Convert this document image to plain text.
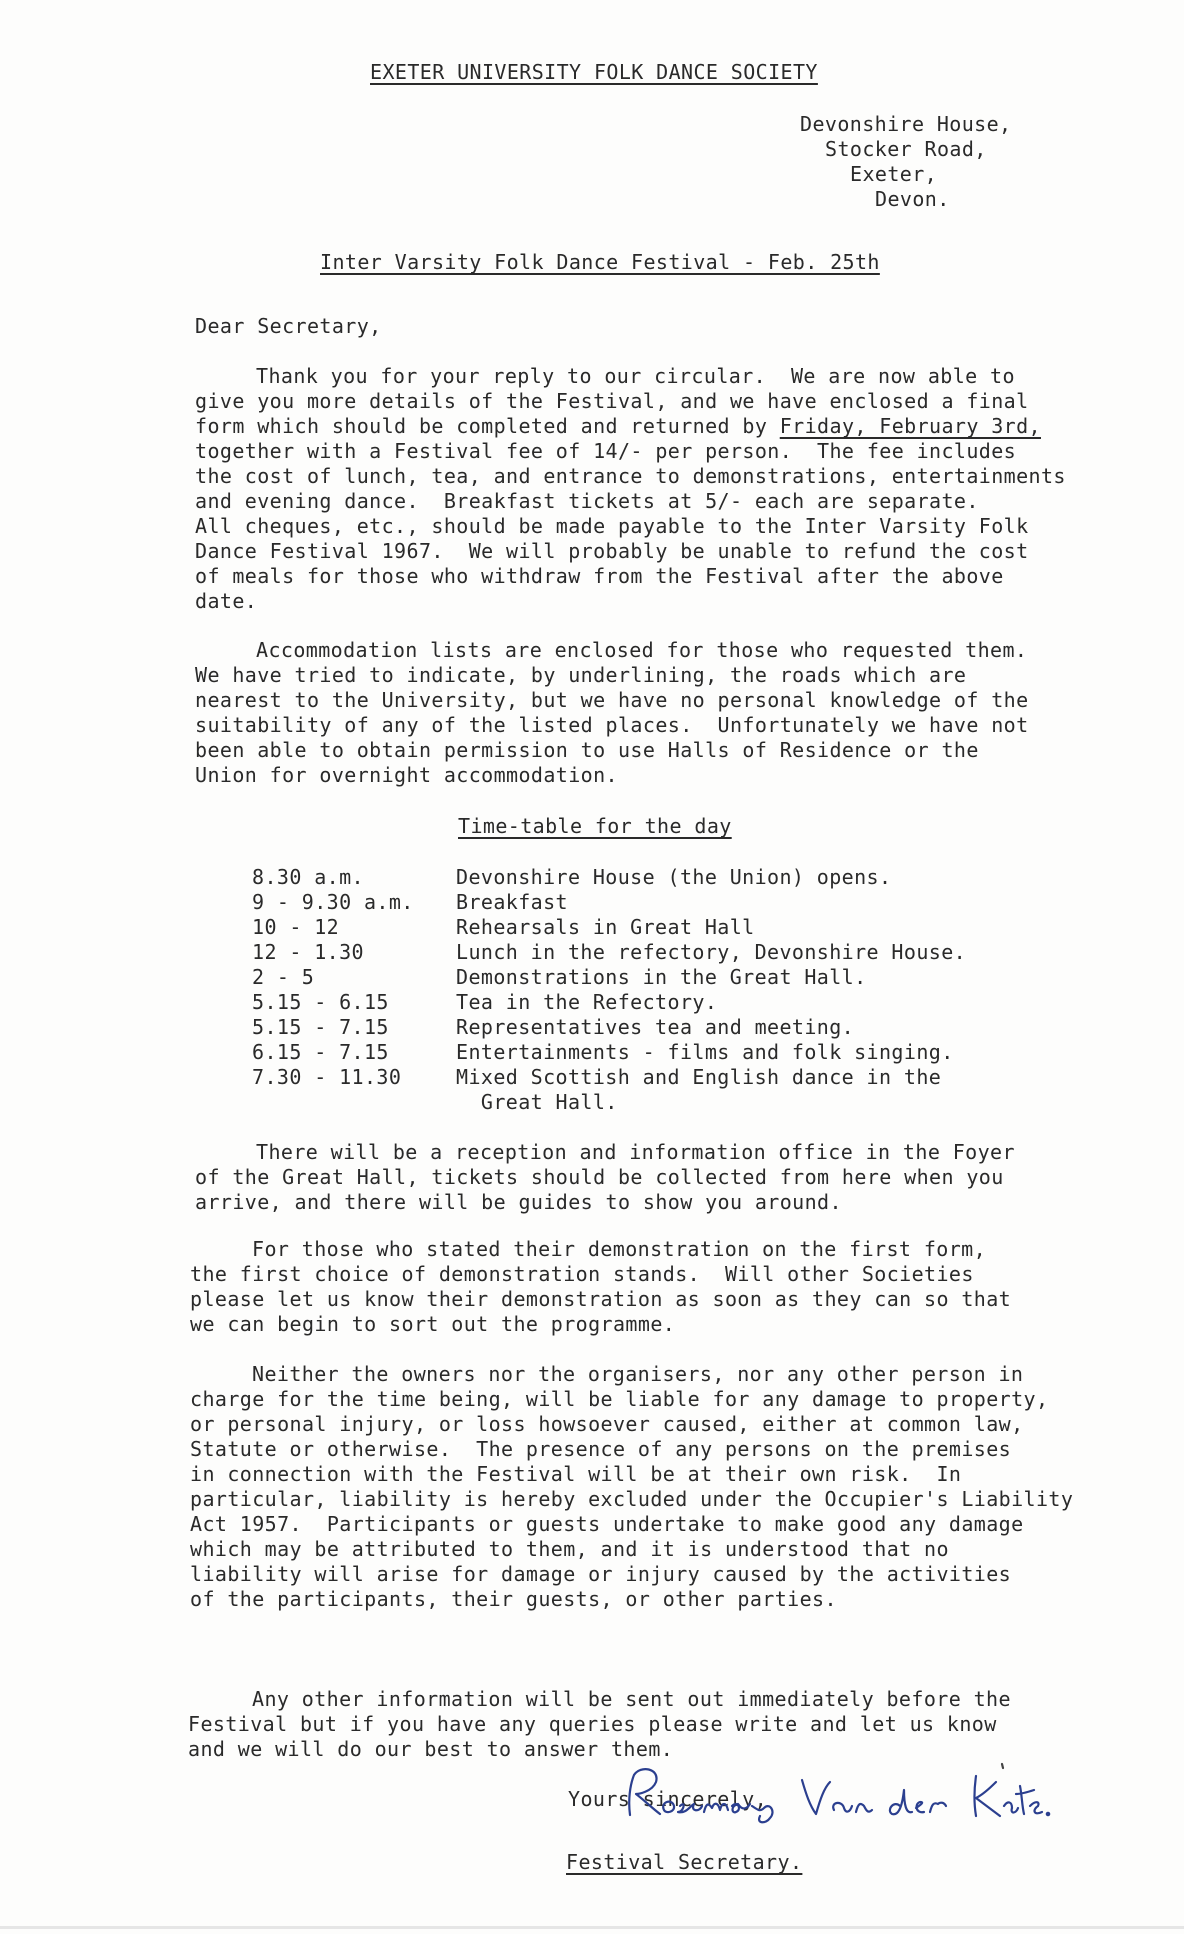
EXETER UNIVERSITY FOLK DANCE SOCIETY
Devonshire House,
Stocker Road,
Exeter,
Devon.
Inter Varsity Folk Dance Festival - Feb. 25th
Dear Secretary,
Thank you for your reply to our circular.  We are now able to
give you more details of the Festival, and we have enclosed a final
form which should be completed and returned by Friday, February 3rd,
together with a Festival fee of 14/- per person.  The fee includes
the cost of lunch, tea, and entrance to demonstrations, entertainments
and evening dance.  Breakfast tickets at 5/- each are separate.
All cheques, etc., should be made payable to the Inter Varsity Folk
Dance Festival 1967.  We will probably be unable to refund the cost
of meals for those who withdraw from the Festival after the above
date.
Accommodation lists are enclosed for those who requested them.
We have tried to indicate, by underlining, the roads which are
nearest to the University, but we have no personal knowledge of the
suitability of any of the listed places.  Unfortunately we have not
been able to obtain permission to use Halls of Residence or the
Union for overnight accommodation.
Time-table for the day
8.30 a.m.	Devonshire House (the Union) opens.
9 - 9.30 a.m. Breakfast
10 - 12	Rehearsals in Great Hall
12 - 1.30	Lunch in the refectory, Devonshire House.
2 - 5	Demonstrations in the Great Hall.
5.15 - 6.15	Tea in the Refectory.
5.15 - 7.15	Representatives tea and meeting.
6.15 - 7.15	Entertainments - films and folk singing.
7.30 - 11.30	Mixed Scottish and English dance in the
Great Hall.
There will be a reception and information office in the Foyer
of the Great Hall, tickets should be collected from here when you
arrive, and there will be guides to show you around.
For those who stated their demonstration on the first form,
the first choice of demonstration stands.  Will other Societies
please let us know their demonstration as soon as they can so that
we can begin to sort out the programme.
Neither the owners nor the organisers, nor any other person in
charge for the time being, will be liable for any damage to property,
or personal injury, or loss howsoever caused, either at common law,
Statute or otherwise.  The presence of any persons on the premises
in connection with the Festival will be at their own risk.  In
particular, liability is hereby excluded under the Occupier's Liability
Act 1957.  Participants or guests undertake to make good any damage
which may be attributed to them, and it is understood that no
liability will arise for damage or injury caused by the activities
of the participants, their guests, or other parties.
Any other information will be sent out immediately before the
Festival but if you have any queries please write and let us know
and we will do our best to answer them.
Yours sincerely,
Festival Secretary.
